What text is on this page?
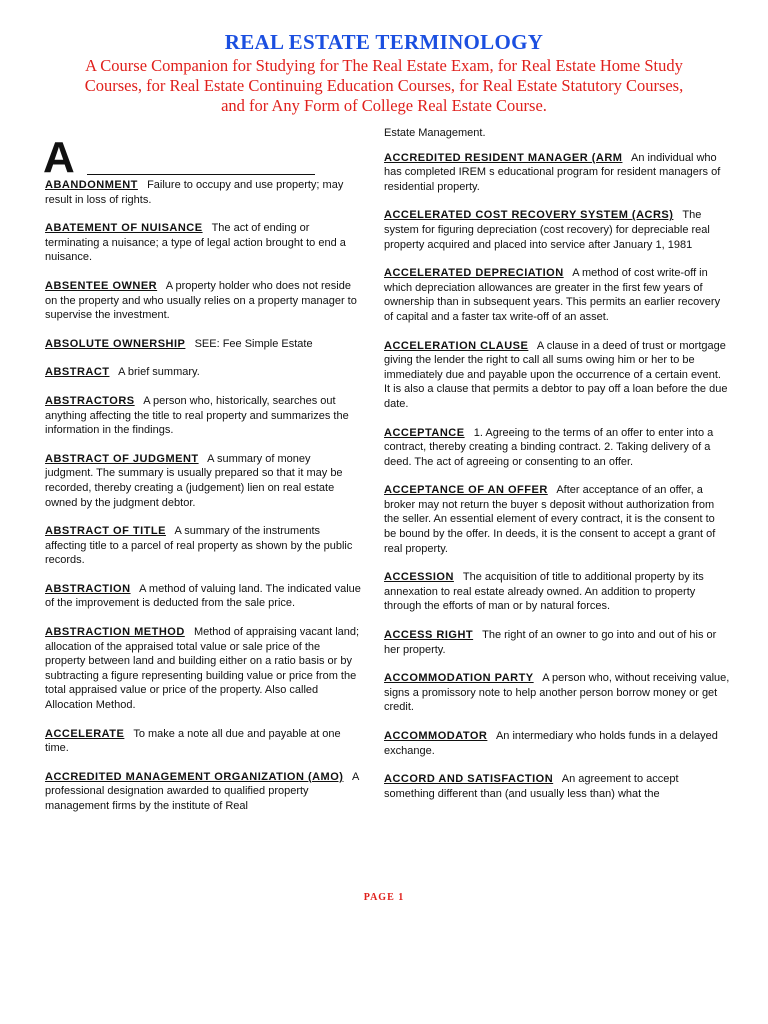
REAL ESTATE TERMINOLOGY
A Course Companion for Studying for The Real Estate Exam, for Real Estate Home Study Courses, for Real Estate Continuing Education Courses, for Real Estate Statutory Courses, and for Any Form of College Real Estate Course.
A
ABANDONMENT Failure to occupy and use property; may result in loss of rights.
ABATEMENT OF NUISANCE The act of ending or terminating a nuisance; a type of legal action brought to end a nuisance.
ABSENTEE OWNER A property holder who does not reside on the property and who usually relies on a property manager to supervise the investment.
ABSOLUTE OWNERSHIP SEE: Fee Simple Estate
ABSTRACT A brief summary.
ABSTRACTORS A person who, historically, searches out anything affecting the title to real property and summarizes the information in the findings.
ABSTRACT OF JUDGMENT A summary of money judgment. The summary is usually prepared so that it may be recorded, thereby creating a (judgement) lien on real estate owned by the judgment debtor.
ABSTRACT OF TITLE A summary of the instruments affecting title to a parcel of real property as shown by the public records.
ABSTRACTION A method of valuing land. The indicated value of the improvement is deducted from the sale price.
ABSTRACTION METHOD Method of appraising vacant land; allocation of the appraised total value or sale price of the property between land and building either on a ratio basis or by subtracting a figure representing building value or price from the total appraised value or price of the property. Also called Allocation Method.
ACCELERATE To make a note all due and payable at one time.
ACCREDITED MANAGEMENT ORGANIZATION (AMO) A professional designation awarded to qualified property management firms by the institute of Real
Estate Management.
ACCREDITED RESIDENT MANAGER (ARM An individual who has completed IREM s educational program for resident managers of residential property.
ACCELERATED COST RECOVERY SYSTEM (ACRS) The system for figuring depreciation (cost recovery) for depreciable real property acquired and placed into service after January 1, 1981
ACCELERATED DEPRECIATION A method of cost write-off in which depreciation allowances are greater in the first few years of ownership than in subsequent years. This permits an earlier recovery of capital and a faster tax write-off of an asset.
ACCELERATION CLAUSE A clause in a deed of trust or mortgage giving the lender the right to call all sums owing him or her to be immediately due and payable upon the occurrence of a certain event. It is also a clause that permits a debtor to pay off a loan before the due date.
ACCEPTANCE 1. Agreeing to the terms of an offer to enter into a contract, thereby creating a binding contract. 2. Taking delivery of a deed. The act of agreeing or consenting to an offer.
ACCEPTANCE OF AN OFFER After acceptance of an offer, a broker may not return the buyer s deposit without authorization from the seller. An essential element of every contract, it is the consent to be bound by the offer. In deeds, it is the consent to accept a grant of real property.
ACCESSION The acquisition of title to additional property by its annexation to real estate already owned. An addition to property through the efforts of man or by natural forces.
ACCESS RIGHT The right of an owner to go into and out of his or her property.
ACCOMMODATION PARTY A person who, without receiving value, signs a promissory note to help another person borrow money or get credit.
ACCOMMODATOR An intermediary who holds funds in a delayed exchange.
ACCORD AND SATISFACTION An agreement to accept something different than (and usually less than) what the
PAGE 1
